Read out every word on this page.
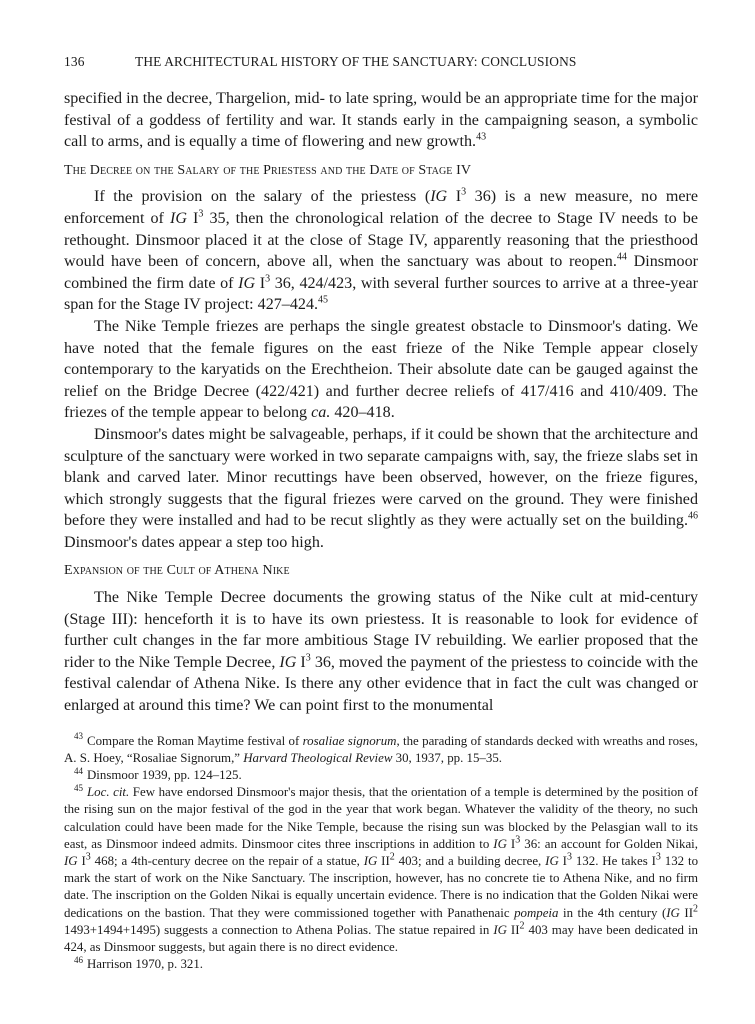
136	THE ARCHITECTURAL HISTORY OF THE SANCTUARY: CONCLUSIONS

specified in the decree, Thargelion, mid- to late spring, would be an appropriate time for the major festival of a goddess of fertility and war. It stands early in the campaigning season, a symbolic call to arms, and is equally a time of flowering and new growth.$^{43}$

The Decree on the Salary of the Priestess and the Date of Stage IV

If the provision on the salary of the priestess (IG $I^3$ 36) is a new measure, no mere enforcement of IG $I^3$ 35, then the chronological relation of the decree to Stage IV needs to be rethought. Dinsmoor placed it at the close of Stage IV, apparently reasoning that the priesthood would have been of concern, above all, when the sanctuary was about to reopen.$^{44}$ Dinsmoor combined the firm date of IG $I^3$ 36, 424/423, with several further sources to arrive at a three-year span for the Stage IV project: 427–424.45

The Nike Temple friezes are perhaps the single greatest obstacle to Dinsmoor's dating. We have noted that the female figures on the east frieze of the Nike Temple appear closely contemporary to the karyatids on the Erechtheion. Their absolute date can be gauged against the relief on the Bridge Decree (422/421) and further decree reliefs of 417/416 and 410/409. The friezes of the temple appear to belong ca. 420–418.

Dinsmoor's dates might be salvageable, perhaps, if it could be shown that the architecture and sculpture of the sanctuary were worked in two separate campaigns with, say, the frieze slabs set in blank and carved later. Minor recuttings have been observed, however, on the frieze figures, which strongly suggests that the figural friezes were carved on the ground. They were finished before they were installed and had to be recut slightly as they were actually set on the building.$^{46}$ Dinsmoor's dates appear a step too high.

Expansion of the Cult of Athena Nike

The Nike Temple Decree documents the growing status of the Nike cult at mid-century (Stage III): henceforth it is to have its own priestess. It is reasonable to look for evidence of further cult changes in the far more ambitious Stage IV rebuilding. We earlier proposed that the rider to the Nike Temple Decree, IG $I^3$ 36, moved the payment of the priestess to coincide with the festival calendar of Athena Nike. Is there any other evidence that in fact the cult was changed or enlarged at around this time? We can point first to the monumental

$^{43}$ Compare the Roman Maytime festival of rosaliae signorum, the parading of standards decked with wreaths and roses, A. S. Hoey, “Rosaliae Signorum,” Harvard Theological Review 30, 1937, pp. 15–35.

$^{44}$ Dinsmoor 1939, pp. 124–125.

$^{45}$ Loc. cit. Few have endorsed Dinsmoor's major thesis, that the orientation of a temple is determined by the position of the rising sun on the major festival of the god in the year that work began. Whatever the validity of the theory, no such calculation could have been made for the Nike Temple, because the rising sun was blocked by the Pelasgian wall to its east, as Dinsmoor indeed admits. Dinsmoor cites three inscriptions in addition to IG $I^3$ 36: an account for Golden Nikai, IG $I^3$ 468; a 4th-century decree on the repair of a statue, IG $II^2$ 403; and a building decree, IG $I^3$ 132. He takes $I^3$ 132 to mark the start of work on the Nike Sanctuary. The inscription, however, has no concrete tie to Athena Nike, and no firm date. The inscription on the Golden Nikai is equally uncertain evidence. There is no indication that the Golden Nikai were dedications on the bastion. That they were commissioned together with Panathenaic pompeia in the 4th century (IG $II^2$ 1493+1494+1495) suggests a connection to Athena Polias. The statue repaired in IG $II^2$ 403 may have been dedicated in 424, as Dinsmoor suggests, but again there is no direct evidence.

$^{46}$ Harrison 1970, p. 321.
